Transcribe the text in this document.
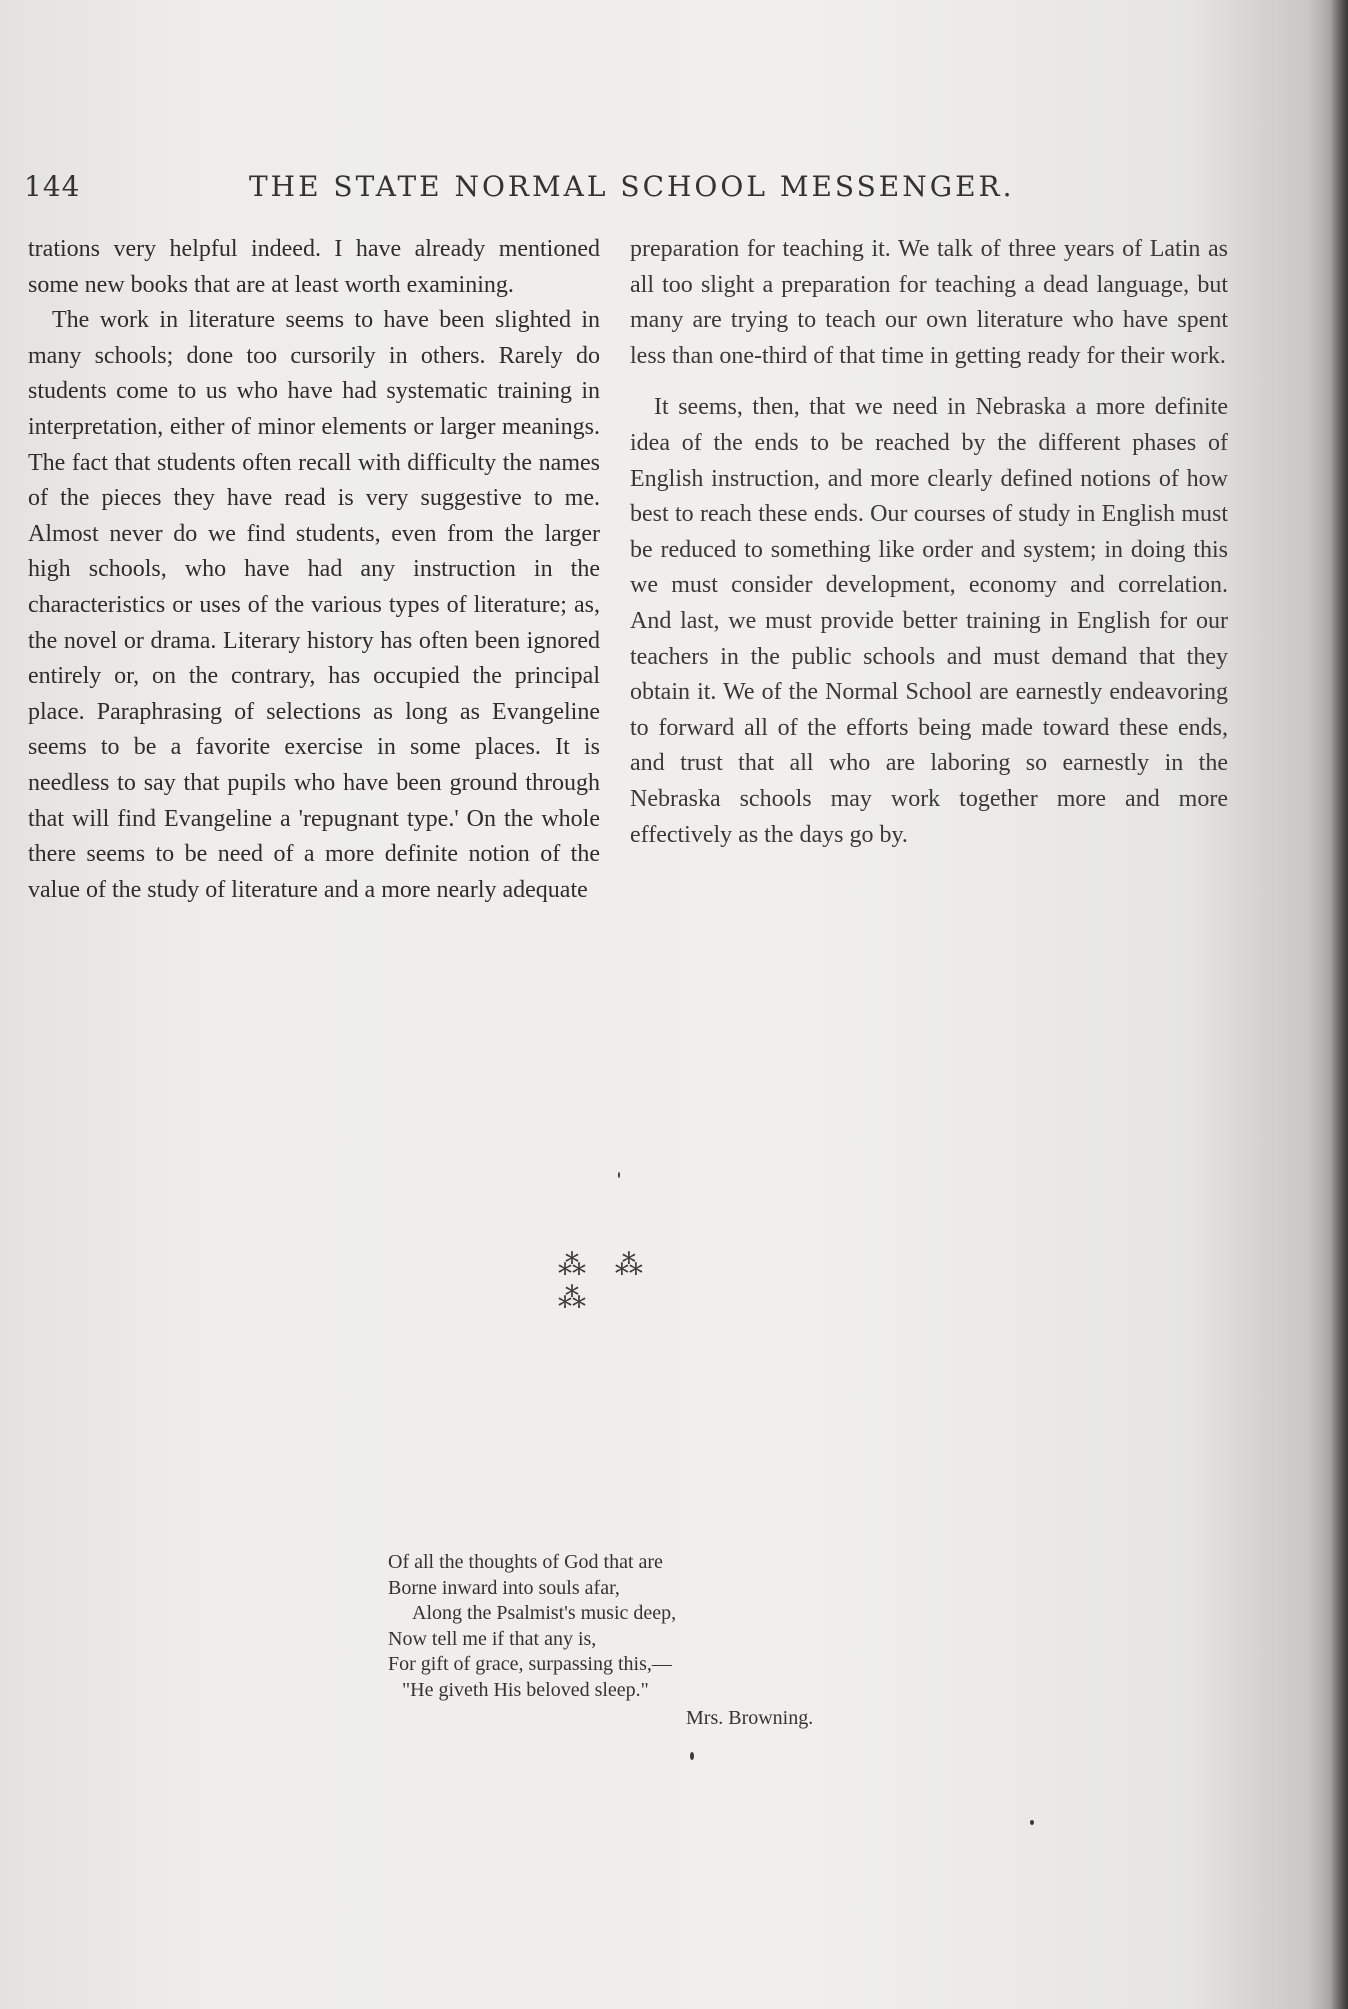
144	THE STATE NORMAL SCHOOL MESSENGER.

trations very helpful indeed. I have already mentioned some new books that are at least worth examining.

The work in literature seems to have been slighted in many schools; done too cursorily in others. Rarely do students come to us who have had systematic training in interpretation, either of minor elements or larger meanings. The fact that students often recall with difficulty the names of the pieces they have read is very suggestive to me. Almost never do we find students, even from the larger high schools, who have had any instruction in the characteristics or uses of the various types of literature; as, the novel or drama. Literary history has often been ignored entirely or, on the contrary, has occupied the principal place. Paraphrasing of selections as long as Evangeline seems to be a favorite exercise in some places. It is needless to say that pupils who have been ground through that will find Evangeline a 'repugnant type.' On the whole there seems to be need of a more definite notion of the value of the study of literature and a more nearly adequate

preparation for teaching it. We talk of three years of Latin as all too slight a preparation for teaching a dead language, but many are trying to teach our own literature who have spent less than one-third of that time in getting ready for their work.

It seems, then, that we need in Nebraska a more definite idea of the ends to be reached by the different phases of English instruction, and more clearly defined notions of how best to reach these ends. Our courses of study in English must be reduced to something like order and system; in doing this we must consider development, economy and correlation. And last, we must provide better training in English for our teachers in the public schools and must demand that they obtain it. We of the Normal School are earnestly endeavoring to forward all of the efforts being made toward these ends, and trust that all who are laboring so earnestly in the Nebraska schools may work together more and more effectively as the days go by.

⁂ ⁂ ⁂
Of all the thoughts of God that are
Borne inward into souls afar,
Along the Psalmist's music deep,
Now tell me if that any is,
For gift of grace, surpassing this,—
"He giveth His beloved sleep."
Mrs. Browning.
